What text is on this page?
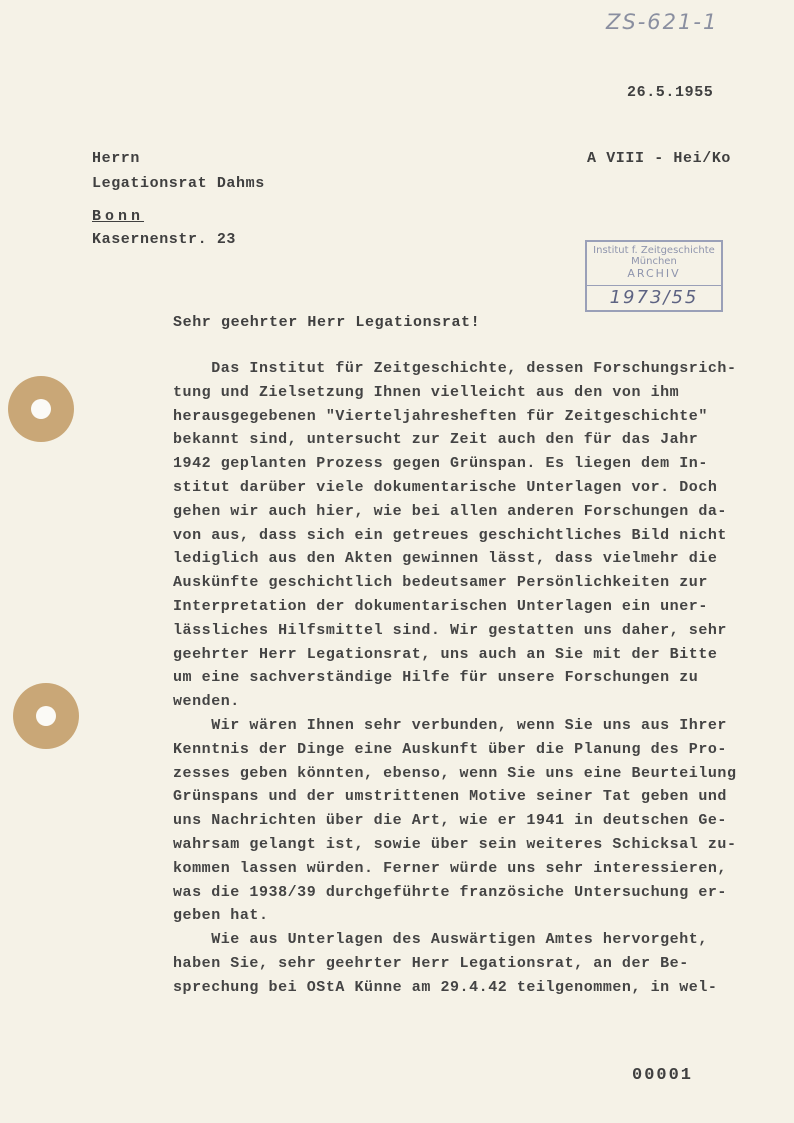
ZS-621-1
26.5.1955
Herrn	A VIII - Hei/Ko
Legationsrat Dahms
Bonn
Kasernenstr. 23
Institut f. Zeitgeschichte
München
ARCHIV
1973/55
Sehr geehrter Herr Legationsrat!
Das Institut für Zeitgeschichte, dessen Forschungsrich-
tung und Zielsetzung Ihnen vielleicht aus den von ihm
herausgegebenen "Vierteljahresheften für Zeitgeschichte"
bekannt sind, untersucht zur Zeit auch den für das Jahr
1942 geplanten Prozess gegen Grünspan. Es liegen dem In-
stitut darüber viele dokumentarische Unterlagen vor. Doch
gehen wir auch hier, wie bei allen anderen Forschungen da-
von aus, dass sich ein getreues geschichtliches Bild nicht
lediglich aus den Akten gewinnen lässt, dass vielmehr die
Auskünfte geschichtlich bedeutsamer Persönlichkeiten zur
Interpretation der dokumentarischen Unterlagen ein uner-
lässliches Hilfsmittel sind. Wir gestatten uns daher, sehr
geehrter Herr Legationsrat, uns auch an Sie mit der Bitte
um eine sachverständige Hilfe für unsere Forschungen zu
wenden.
Wir wären Ihnen sehr verbunden, wenn Sie uns aus Ihrer
Kenntnis der Dinge eine Auskunft über die Planung des Pro-
zesses geben könnten, ebenso, wenn Sie uns eine Beurteilung
Grünspans und der umstrittenen Motive seiner Tat geben und
uns Nachrichten über die Art, wie er 1941 in deutschen Ge-
wahrsam gelangt ist, sowie über sein weiteres Schicksal zu-
kommen lassen würden. Ferner würde uns sehr interessieren,
was die 1938/39 durchgeführte französiche Untersuchung er-
geben hat.
Wie aus Unterlagen des Auswärtigen Amtes hervorgeht,
haben Sie, sehr geehrter Herr Legationsrat, an der Be-
sprechung bei OStA Künne am 29.4.42 teilgenommen, in wel-
00001
